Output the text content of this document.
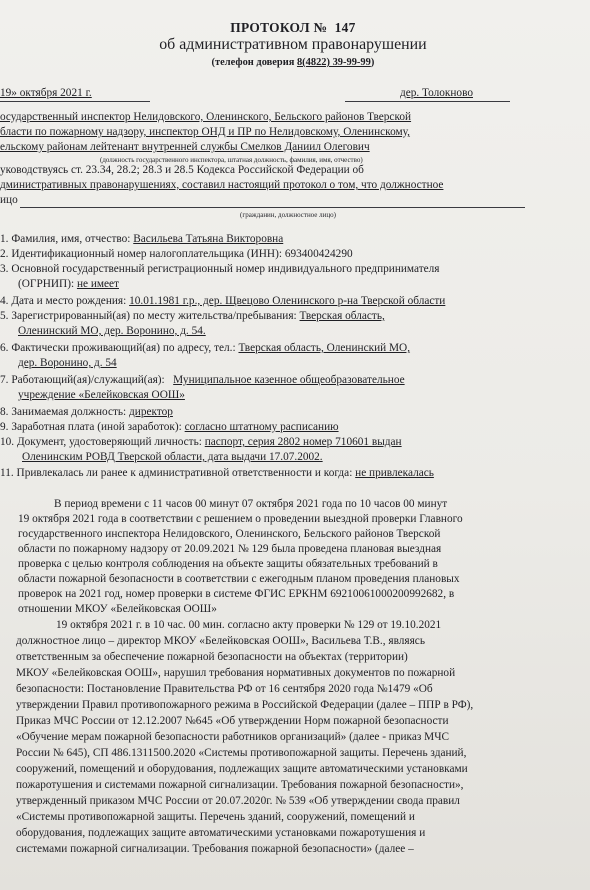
ПРОТОКОЛ № 147
об административном правонарушении
(телефон доверия 8(4822) 39-99-99)
19» октября 2021 г.	дер. Толокново
осударственный инспектор Нелидовского, Оленинского, Бельского районов Тверской
бласти по пожарному надзору, инспектор ОНД и ПР по Нелидовскому, Оленинскому,
ельскому районам лейтенант внутренней службы Смелков Даниил Олегович
(должность государственного инспектора, штатная должность, фамилия, имя, отчество)
уководствуясь ст. 23.34, 28.2; 28.3 и 28.5 Кодекса Российской Федерации об
дминистративных правонарушениях, составил настоящий протокол о том, что должностное
ицо
(гражданин, должностное лицо)
1. Фамилия, имя, отчество: Васильева Татьяна Викторовна
2. Идентификационный номер налогоплательщика (ИНН): 693400424290
3. Основной государственный регистрационный номер индивидуального предпринимателя
(ОГРНИП): не имеет
4. Дата и место рождения: 10.01.1981 г.р., дер. Щвецово Оленинского р-на Тверской области
5. Зарегистрированный(ая) по месту жительства/пребывания: Тверская область,
Оленинский МО, дер. Воронино, д. 54.
6. Фактически проживающий(ая) по адресу, тел.: Тверская область, Оленинский МО,
дер. Воронино, д. 54
7. Работающий(ая)/служащий(ая): Муниципальное казенное общеобразовательное
учреждение «Белейковская ООШ»
8. Занимаемая должность: директор
9. Заработная плата (иной заработок): согласно штатному расписанию
10. Документ, удостоверяющий личность: паспорт, серия 2802 номер 710601 выдан
Оленинским РОВД Тверской области, дата выдачи 17.07.2002.
11. Привлекалась ли ранее к административной ответственности и когда: не привлекалась
В период времени с 11 часов 00 минут 07 октября 2021 года по 10 часов 00 минут
19 октября 2021 года в соответствии с решением о проведении выездной проверки Главного
государственного инспектора Нелидовского, Оленинского, Бельского районов Тверской
области по пожарному надзору от 20.09.2021 № 129 была проведена плановая выездная
проверка с целью контроля соблюдения на объекте защиты обязательных требований в
области пожарной безопасности в соответствии с ежегодным планом проведения плановых
проверок на 2021 год, номер проверки в системе ФГИС ЕРКНМ 69210061000200992682, в
отношении МКОУ «Белейковская ООШ»
19 октября 2021 г. в 10 час. 00 мин. согласно акту проверки № 129 от 19.10.2021
должностное лицо – директор МКОУ «Белейковская ООШ», Васильева Т.В., являясь
ответственным за обеспечение пожарной безопасности на объектах (территории)
МКОУ «Белейковская ООШ», нарушил требования нормативных документов по пожарной
безопасности: Постановление Правительства РФ от 16 сентября 2020 года №1479 «Об
утверждении Правил противопожарного режима в Российской Федерации (далее – ППР в РФ),
Приказ МЧС России от 12.12.2007 №645 «Об утверждении Норм пожарной безопасности
«Обучение мерам пожарной безопасности работников организаций» (далее - приказ МЧС
России № 645), СП 486.1311500.2020 «Системы противопожарной защиты. Перечень зданий,
сооружений, помещений и оборудования, подлежащих защите автоматическими установками
пожаротушения и системами пожарной сигнализации. Требования пожарной безопасности»,
утвержденный приказом МЧС России от 20.07.2020г. № 539 «Об утверждении свода правил
«Системы противопожарной защиты. Перечень зданий, сооружений, помещений и
оборудования, подлежащих защите автоматическими установками пожаротушения и
системами пожарной сигнализации. Требования пожарной безопасности» (далее –
